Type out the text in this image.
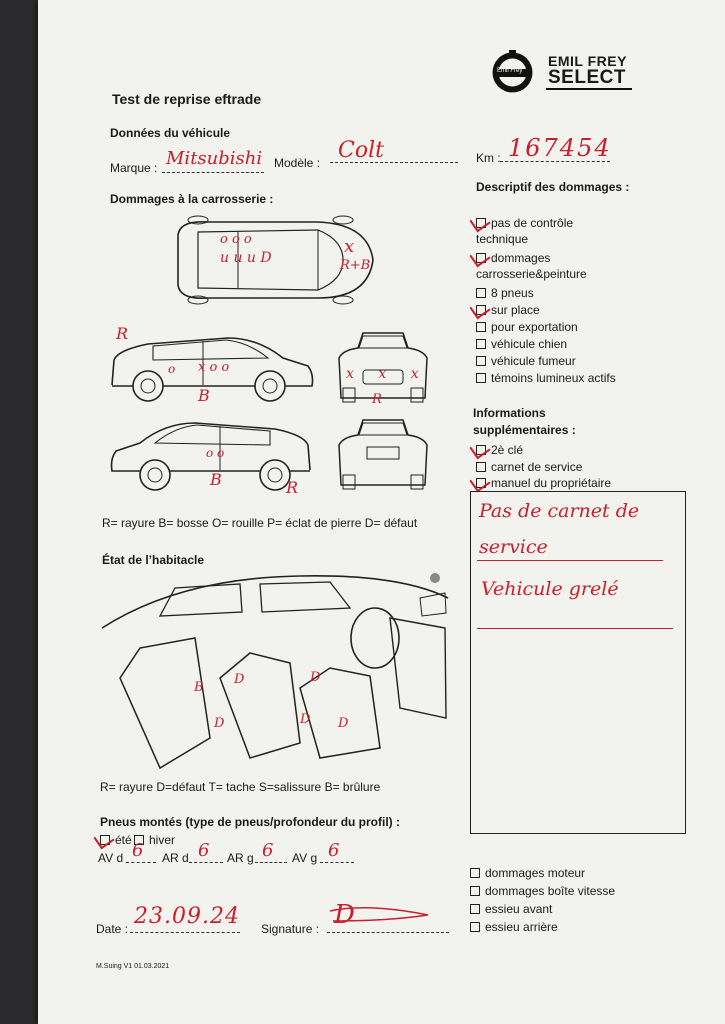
Test de reprise eftrade
Emil Frey
EMIL FREY
SELECT
Données du véhicule
Marque : Mitsubishi Modèle : Colt	Km : 167454
Dommages à la carrosserie :
o o o
u u u D
x
R+B
R
o x o o
B
x x x
R
o o
B	R
R= rayure B= bosse O= rouille P= éclat de pierre D= défaut
Descriptif des dommages :
pas de contrôle
technique
dommages
carrosserie&peinture
8 pneus
sur place
pour exportation
véhicule chien
véhicule fumeur
témoins lumineux actifs
Informations
supplémentaires :
2è clé
carnet de service
manuel du propriétaire
Pas de carnet de
service
Vehicule grelé
État de l’habitacle
B
D
D
D D
D
R= rayure D=défaut T= tache S=salissure B= brûlure
Pneus montés (type de pneus/profondeur du profil) :
été	hiver
AV d 6 AR d 6 AR g 6 AV g 6
dommages moteur
dommages boîte vitesse
essieu avant
essieu arrière
Date : 23.09.24 Signature : D
M.Suing V1 01.03.2021
